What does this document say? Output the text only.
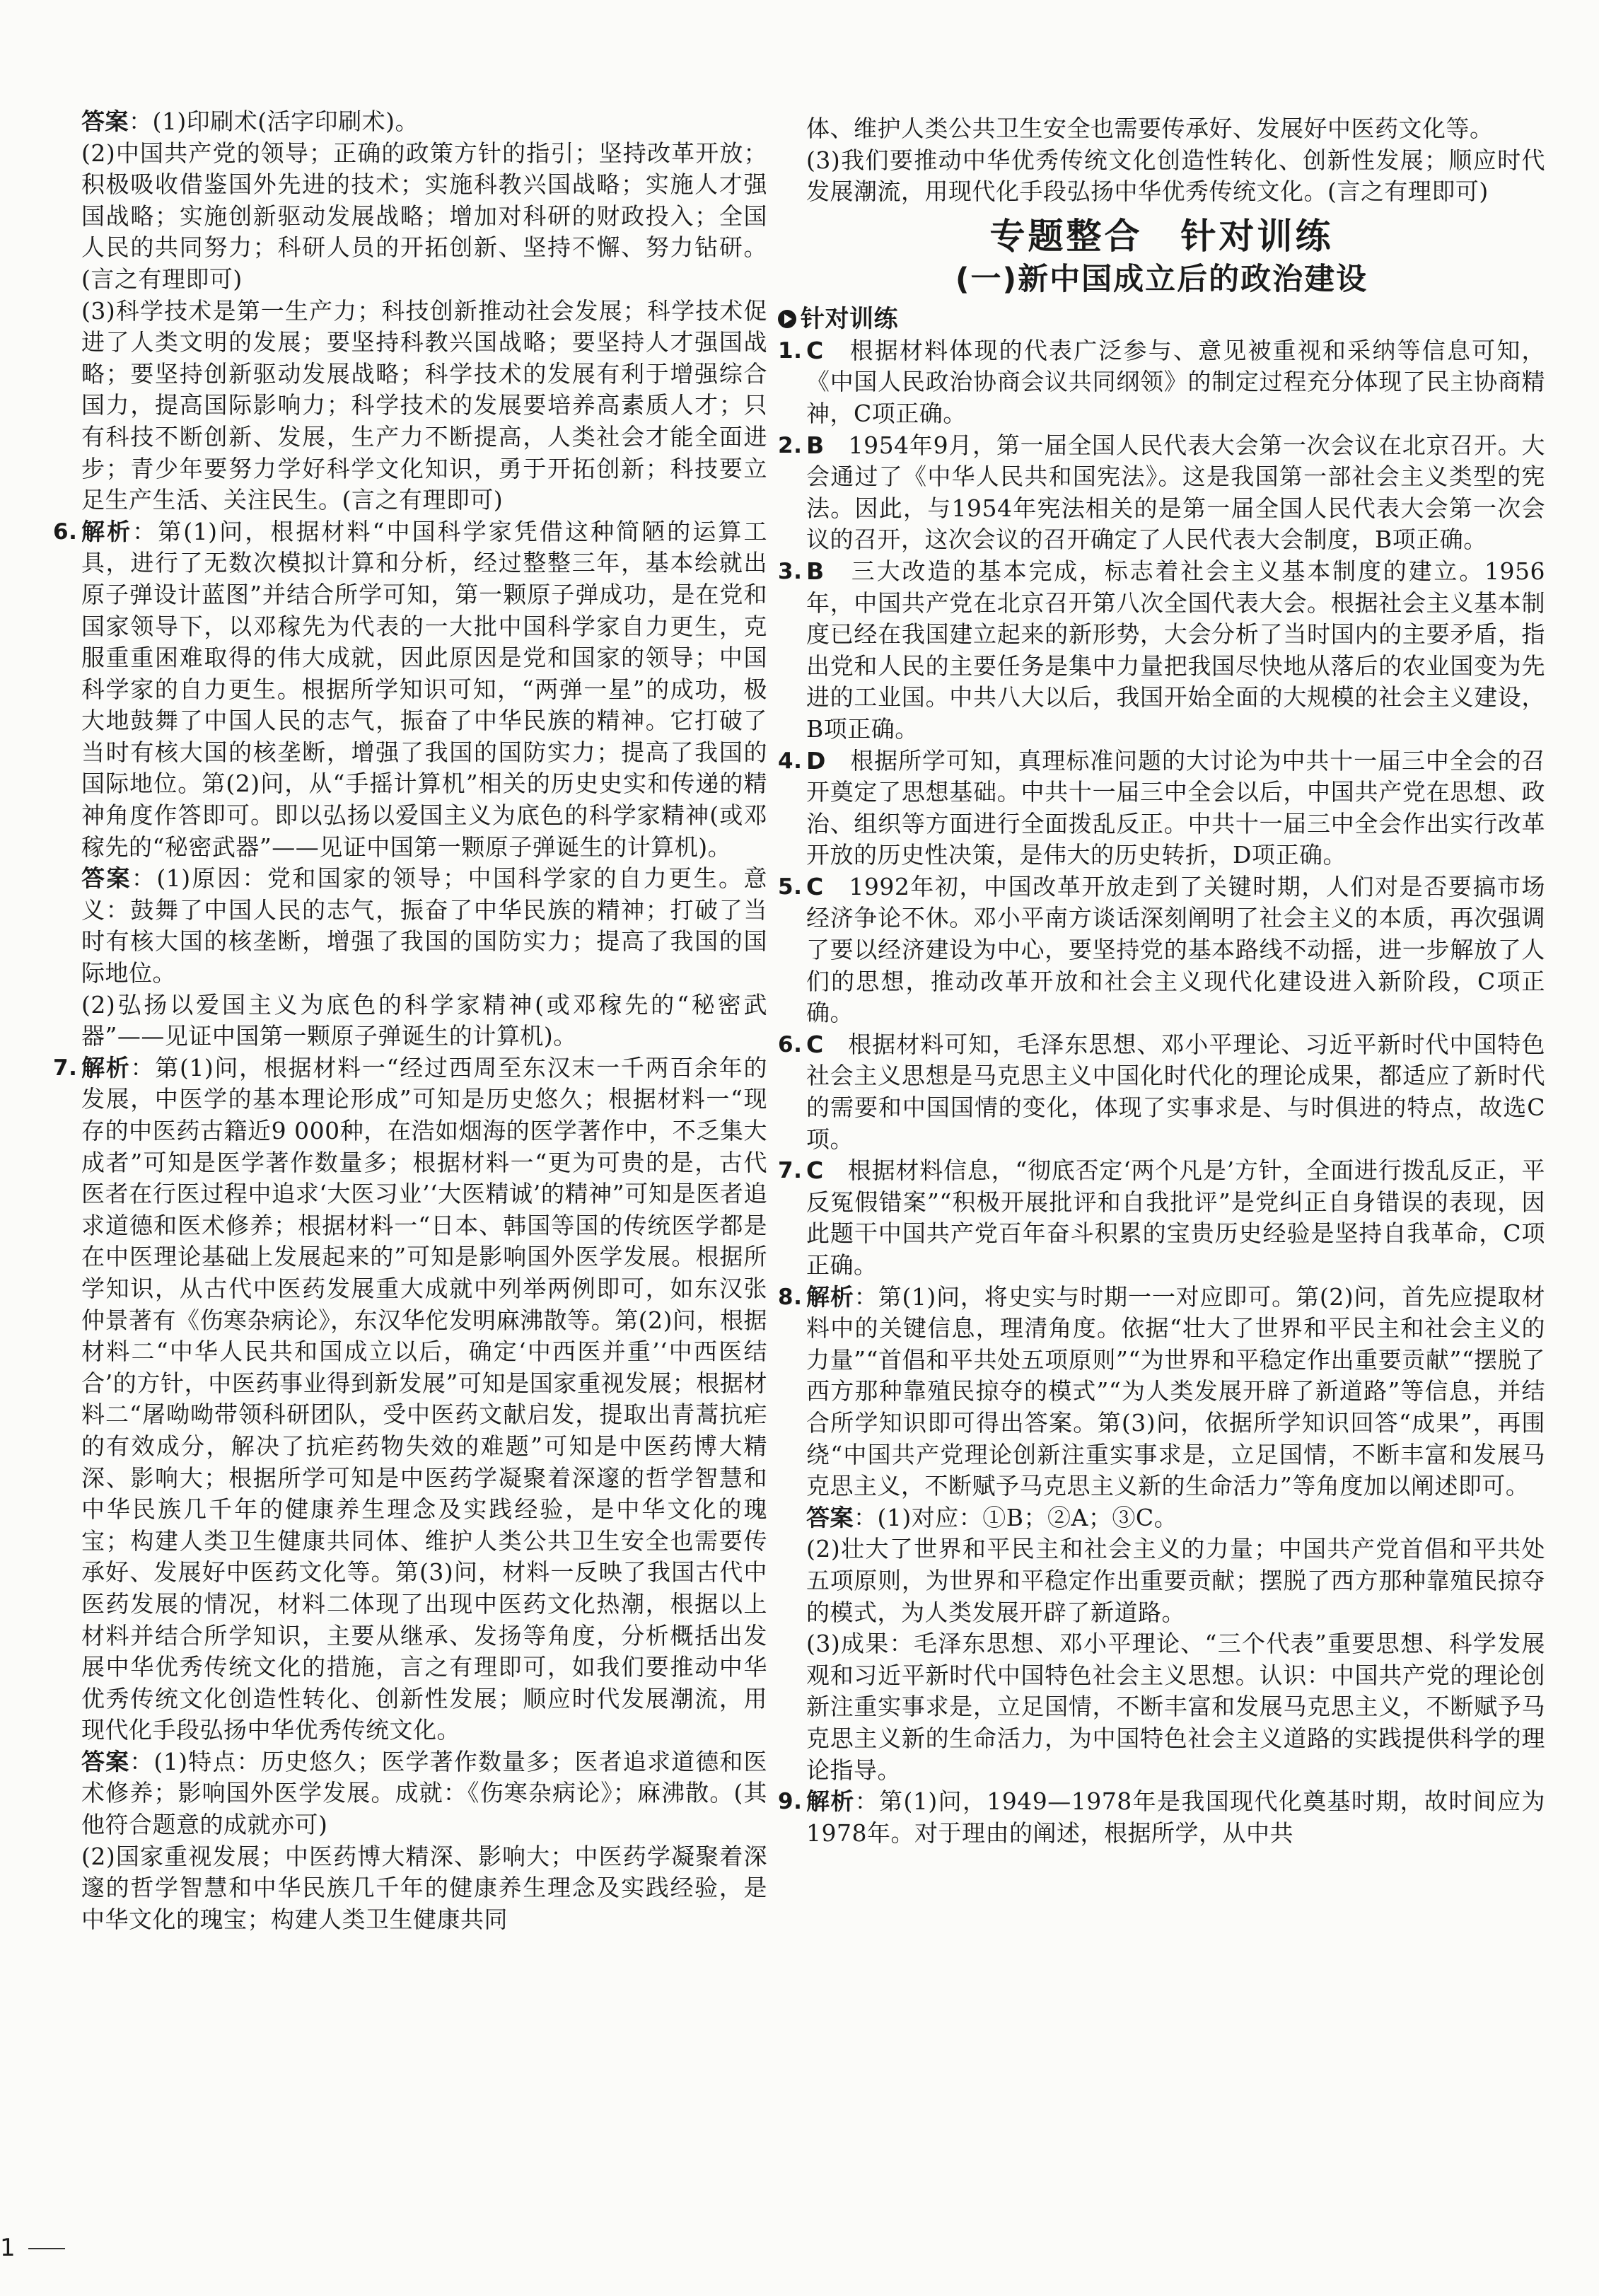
答案：(1)印刷术(活字印刷术)。

(2)中国共产党的领导；正确的政策方针的指引；坚持改革开放；积极吸收借鉴国外先进的技术；实施科教兴国战略；实施人才强国战略；实施创新驱动发展战略；增加对科研的财政投入；全国人民的共同努力；科研人员的开拓创新、坚持不懈、努力钻研。(言之有理即可)

(3)科学技术是第一生产力；科技创新推动社会发展；科学技术促进了人类文明的发展；要坚持科教兴国战略；要坚持人才强国战略；要坚持创新驱动发展战略；科学技术的发展有利于增强综合国力，提高国际影响力；科学技术的发展要培养高素质人才；只有科技不断创新、发展，生产力不断提高，人类社会才能全面进步；青少年要努力学好科学文化知识，勇于开拓创新；科技要立足生产生活、关注民生。(言之有理即可)

6. 解析：第(1)问，根据材料“中国科学家凭借这种简陋的运算工具，进行了无数次模拟计算和分析，经过整整三年，基本绘就出原子弹设计蓝图”并结合所学可知，第一颗原子弹成功，是在党和国家领导下，以邓稼先为代表的一大批中国科学家自力更生，克服重重困难取得的伟大成就，因此原因是党和国家的领导；中国科学家的自力更生。根据所学知识可知，“两弹一星”的成功，极大地鼓舞了中国人民的志气，振奋了中华民族的精神。它打破了当时有核大国的核垄断，增强了我国的国防实力；提高了我国的国际地位。第(2)问，从“手摇计算机”相关的历史史实和传递的精神角度作答即可。即以弘扬以爱国主义为底色的科学家精神(或邓稼先的“秘密武器”——见证中国第一颗原子弹诞生的计算机)。

答案：(1)原因：党和国家的领导；中国科学家的自力更生。意义：鼓舞了中国人民的志气，振奋了中华民族的精神；打破了当时有核大国的核垄断，增强了我国的国防实力；提高了我国的国际地位。

(2)弘扬以爱国主义为底色的科学家精神(或邓稼先的“秘密武器”——见证中国第一颗原子弹诞生的计算机)。

7. 解析：第(1)问，根据材料一“经过西周至东汉末一千两百余年的发展，中医学的基本理论形成”可知是历史悠久；根据材料一“现存的中医药古籍近9 000种，在浩如烟海的医学著作中，不乏集大成者”可知是医学著作数量多；根据材料一“更为可贵的是，古代医者在行医过程中追求‘大医习业’‘大医精诚’的精神”可知是医者追求道德和医术修养；根据材料一“日本、韩国等国的传统医学都是在中医理论基础上发展起来的”可知是影响国外医学发展。根据所学知识，从古代中医药发展重大成就中列举两例即可，如东汉张仲景著有《伤寒杂病论》，东汉华佗发明麻沸散等。第(2)问，根据材料二“中华人民共和国成立以后，确定‘中西医并重’‘中西医结合’的方针，中医药事业得到新发展”可知是国家重视发展；根据材料二“屠呦呦带领科研团队，受中医药文献启发，提取出青蒿抗疟的有效成分，解决了抗疟药物失效的难题”可知是中医药博大精深、影响大；根据所学可知是中医药学凝聚着深邃的哲学智慧和中华民族几千年的健康养生理念及实践经验，是中华文化的瑰宝；构建人类卫生健康共同体、维护人类公共卫生安全也需要传承好、发展好中医药文化等。第(3)问，材料一反映了我国古代中医药发展的情况，材料二体现了出现中医药文化热潮，根据以上材料并结合所学知识，主要从继承、发扬等角度，分析概括出发展中华优秀传统文化的措施，言之有理即可，如我们要推动中华优秀传统文化创造性转化、创新性发展；顺应时代发展潮流，用现代化手段弘扬中华优秀传统文化。

答案：(1)特点：历史悠久；医学著作数量多；医者追求道德和医术修养；影响国外医学发展。成就：《伤寒杂病论》；麻沸散。(其他符合题意的成就亦可)

(2)国家重视发展；中医药博大精深、影响大；中医药学凝聚着深邃的哲学智慧和中华民族几千年的健康养生理念及实践经验，是中华文化的瑰宝；构建人类卫生健康共同

体、维护人类公共卫生安全也需要传承好、发展好中医药文化等。

(3)我们要推动中华优秀传统文化创造性转化、创新性发展；顺应时代发展潮流，用现代化手段弘扬中华优秀传统文化。(言之有理即可)

专题整合　针对训练
(一)新中国成立后的政治建设
针对训练

1. C　根据材料体现的代表广泛参与、意见被重视和采纳等信息可知，《中国人民政治协商会议共同纲领》的制定过程充分体现了民主协商精神，C项正确。

2. B　1954年9月，第一届全国人民代表大会第一次会议在北京召开。大会通过了《中华人民共和国宪法》。这是我国第一部社会主义类型的宪法。因此，与1954年宪法相关的是第一届全国人民代表大会第一次会议的召开，这次会议的召开确定了人民代表大会制度，B项正确。

3. B　三大改造的基本完成，标志着社会主义基本制度的建立。1956年，中国共产党在北京召开第八次全国代表大会。根据社会主义基本制度已经在我国建立起来的新形势，大会分析了当时国内的主要矛盾，指出党和人民的主要任务是集中力量把我国尽快地从落后的农业国变为先进的工业国。中共八大以后，我国开始全面的大规模的社会主义建设，B项正确。

4. D　根据所学可知，真理标准问题的大讨论为中共十一届三中全会的召开奠定了思想基础。中共十一届三中全会以后，中国共产党在思想、政治、组织等方面进行全面拨乱反正。中共十一届三中全会作出实行改革开放的历史性决策，是伟大的历史转折，D项正确。

5. C　1992年初，中国改革开放走到了关键时期，人们对是否要搞市场经济争论不休。邓小平南方谈话深刻阐明了社会主义的本质，再次强调了要以经济建设为中心，要坚持党的基本路线不动摇，进一步解放了人们的思想，推动改革开放和社会主义现代化建设进入新阶段，C项正确。

6. C　根据材料可知，毛泽东思想、邓小平理论、习近平新时代中国特色社会主义思想是马克思主义中国化时代化的理论成果，都适应了新时代的需要和中国国情的变化，体现了实事求是、与时俱进的特点，故选C项。

7. C　根据材料信息，“彻底否定‘两个凡是’方针，全面进行拨乱反正，平反冤假错案”“积极开展批评和自我批评”是党纠正自身错误的表现，因此题干中国共产党百年奋斗积累的宝贵历史经验是坚持自我革命，C项正确。

8. 解析：第(1)问，将史实与时期一一对应即可。第(2)问，首先应提取材料中的关键信息，理清角度。依据“壮大了世界和平民主和社会主义的力量”“首倡和平共处五项原则”“为世界和平稳定作出重要贡献”“摆脱了西方那种靠殖民掠夺的模式”“为人类发展开辟了新道路”等信息，并结合所学知识即可得出答案。第(3)问，依据所学知识回答“成果”，再围绕“中国共产党理论创新注重实事求是，立足国情，不断丰富和发展马克思主义，不断赋予马克思主义新的生命活力”等角度加以阐述即可。

答案：(1)对应：①B；②A；③C。

(2)壮大了世界和平民主和社会主义的力量；中国共产党首倡和平共处五项原则，为世界和平稳定作出重要贡献；摆脱了西方那种靠殖民掠夺的模式，为人类发展开辟了新道路。

(3)成果：毛泽东思想、邓小平理论、“三个代表”重要思想、科学发展观和习近平新时代中国特色社会主义思想。认识：中国共产党的理论创新注重实事求是，立足国情，不断丰富和发展马克思主义，不断赋予马克思主义新的生命活力，为中国特色社会主义道路的实践提供科学的理论指导。

9. 解析：第(1)问，1949—1978年是我国现代化奠基时期，故时间应为1978年。对于理由的阐述，根据所学，从中共
1
